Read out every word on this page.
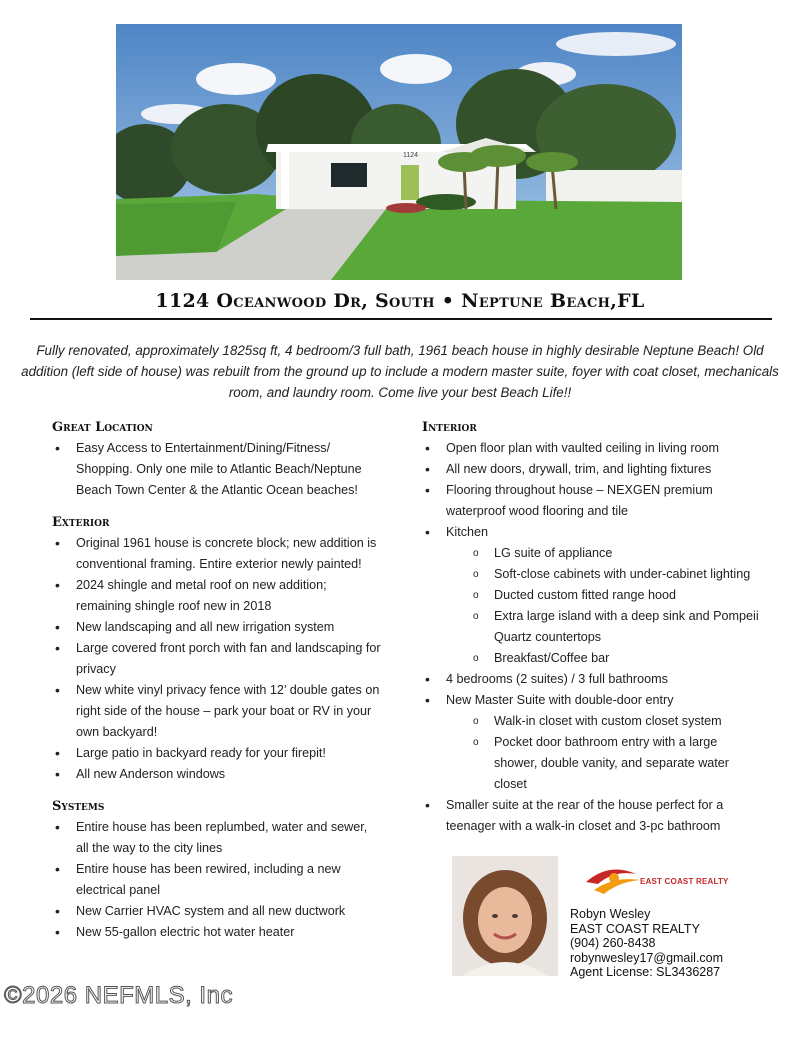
1124
1124 Oceanwood Dr, South • Neptune Beach,FL
Fully renovated, approximately 1825sq ft, 4 bedroom/3 full bath, 1961 beach house in highly desirable Neptune Beach! Old addition (left side of house) was rebuilt from the ground up to include a modern master suite, foyer with coat closet, mechanicals room, and laundry room. Come live your best Beach Life!!
Great Location
• Easy Access to Entertainment/Dining/Fitness/ Shopping. Only one mile to Atlantic Beach/Neptune Beach Town Center & the Atlantic Ocean beaches!
Exterior
• Original 1961 house is concrete block; new addition is conventional framing. Entire exterior newly painted!
• 2024 shingle and metal roof on new addition; remaining shingle roof new in 2018
• New landscaping and all new irrigation system
• Large covered front porch with fan and landscaping for privacy
• New white vinyl privacy fence with 12’ double gates on right side of the house – park your boat or RV in your own backyard!
• Large patio in backyard ready for your firepit!
• All new Anderson windows
Systems
• Entire house has been replumbed, water and sewer, all the way to the city lines
• Entire house has been rewired, including a new electrical panel
• New Carrier HVAC system and all new ductwork
• New 55-gallon electric hot water heater
Interior
• Open floor plan with vaulted ceiling in living room
• All new doors, drywall, trim, and lighting fixtures
• Flooring throughout house – NEXGEN premium waterproof wood flooring and tile
• Kitchen
o LG suite of appliance
o Soft-close cabinets with under-cabinet lighting
o Ducted custom fitted range hood
o Extra large island with a deep sink and Pompeii Quartz countertops
o Breakfast/Coffee bar
• 4 bedrooms (2 suites) / 3 full bathrooms
• New Master Suite with double-door entry
o Walk-in closet with custom closet system
o Pocket door bathroom entry with a large shower, double vanity, and separate water closet
• Smaller suite at the rear of the house perfect for a teenager with a walk-in closet and 3-pc bathroom
EAST COAST REALTY
Robyn Wesley
EAST COAST REALTY
(904) 260-8438
robynwesley17@gmail.com
Agent License: SL3436287
©2026 NEFMLS, Inc
